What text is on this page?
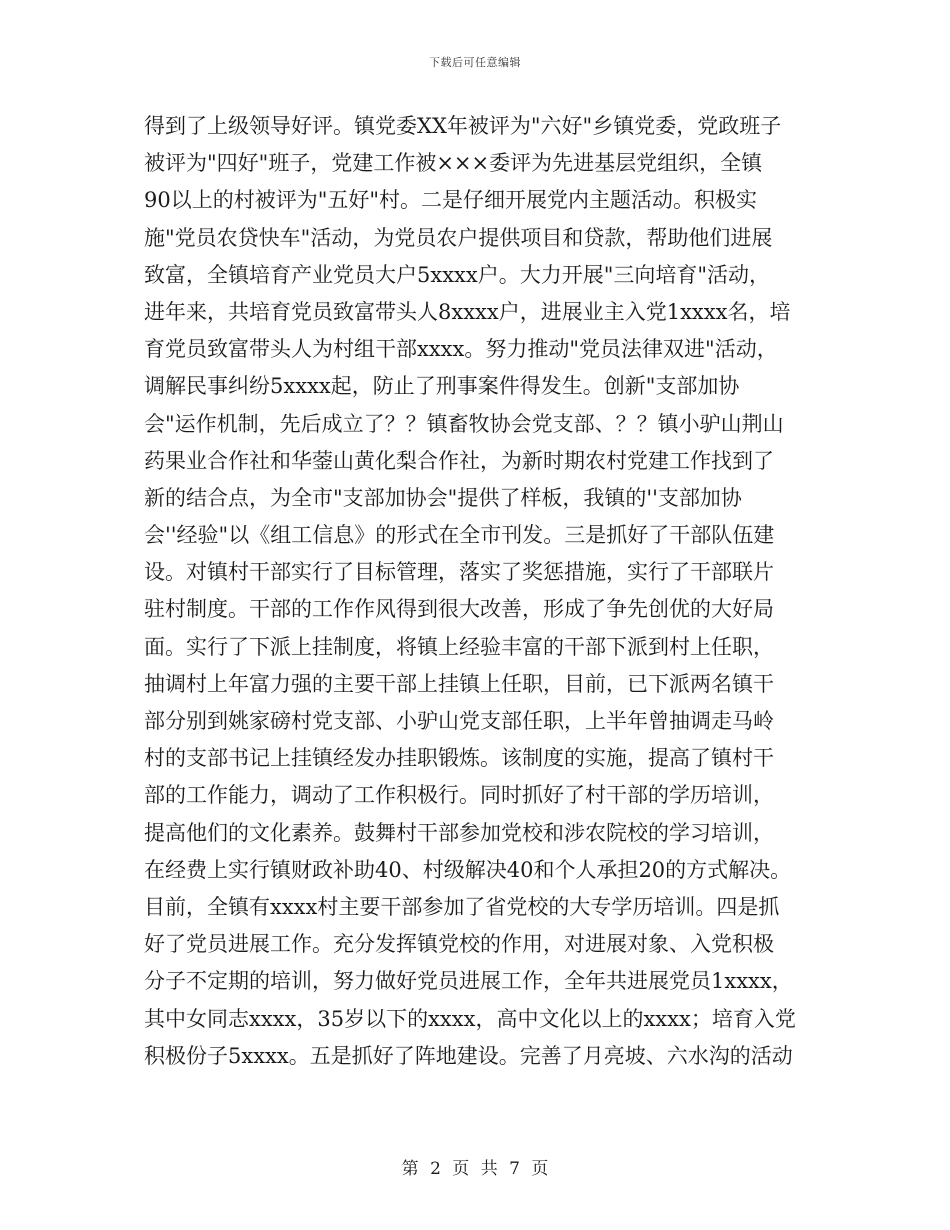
下载后可任意编辑
得到了上级领导好评。镇党委XX年被评为"六好"乡镇党委，党政班子
被评为"四好"班子，党建工作被×××委评为先进基层党组织，全镇
90以上的村被评为"五好"村。二是仔细开展党内主题活动。积极实
施"党员农贷快车"活动，为党员农户提供项目和贷款，帮助他们进展
致富，全镇培育产业党员大户5xxxx户。大力开展"三向培育"活动，
进年来，共培育党员致富带头人8xxxx户，进展业主入党1xxxx名，培
育党员致富带头人为村组干部xxxx。努力推动"党员法律双进"活动，
调解民事纠纷5xxxx起，防止了刑事案件得发生。创新"支部加协
会"运作机制，先后成立了？？镇畜牧协会党支部、？？镇小驴山荆山
药果业合作社和华蓥山黄化梨合作社，为新时期农村党建工作找到了
新的结合点，为全市"支部加协会"提供了样板，我镇的''支部加协
会''经验"以《组工信息》的形式在全市刊发。三是抓好了干部队伍建
设。对镇村干部实行了目标管理，落实了奖惩措施，实行了干部联片
驻村制度。干部的工作作风得到很大改善，形成了争先创优的大好局
面。实行了下派上挂制度，将镇上经验丰富的干部下派到村上任职，
抽调村上年富力强的主要干部上挂镇上任职，目前，已下派两名镇干
部分别到姚家磅村党支部、小驴山党支部任职，上半年曾抽调走马岭
村的支部书记上挂镇经发办挂职锻炼。该制度的实施，提高了镇村干
部的工作能力，调动了工作积极行。同时抓好了村干部的学历培训，
提高他们的文化素养。鼓舞村干部参加党校和涉农院校的学习培训，
在经费上实行镇财政补助40、村级解决40和个人承担20的方式解决。
目前，全镇有xxxx村主要干部参加了省党校的大专学历培训。四是抓
好了党员进展工作。充分发挥镇党校的作用，对进展对象、入党积极
分子不定期的培训，努力做好党员进展工作，全年共进展党员1xxxx，
其中女同志xxxx，35岁以下的xxxx，高中文化以上的xxxx；培育入党
积极份子5xxxx。五是抓好了阵地建设。完善了月亮坡、六水沟的活动
第 2 页 共 7 页
